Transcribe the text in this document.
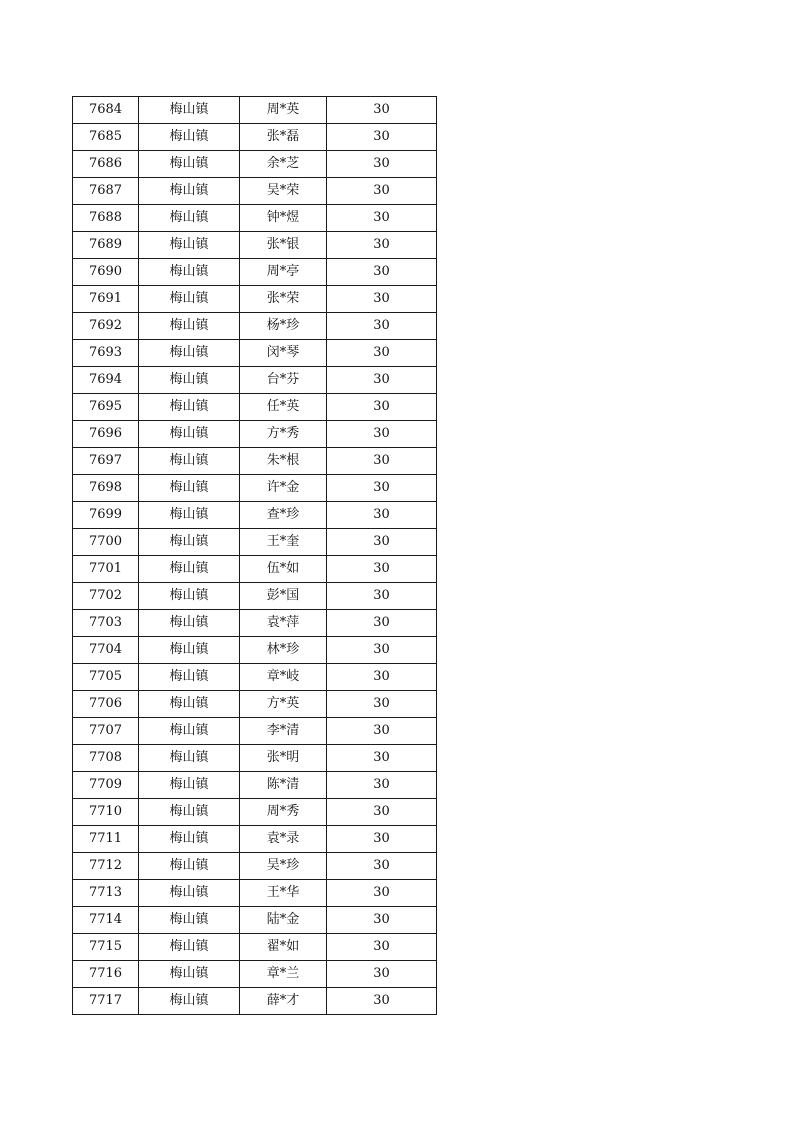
7684	梅山镇	周*英	30
7685	梅山镇	张*磊	30
7686	梅山镇	余*芝	30
7687	梅山镇	吴*荣	30
7688	梅山镇	钟*煜	30
7689	梅山镇	张*银	30
7690	梅山镇	周*亭	30
7691	梅山镇	张*荣	30
7692	梅山镇	杨*珍	30
7693	梅山镇	闵*琴	30
7694	梅山镇	台*芬	30
7695	梅山镇	任*英	30
7696	梅山镇	方*秀	30
7697	梅山镇	朱*根	30
7698	梅山镇	许*金	30
7699	梅山镇	查*珍	30
7700	梅山镇	王*奎	30
7701	梅山镇	伍*如	30
7702	梅山镇	彭*国	30
7703	梅山镇	袁*萍	30
7704	梅山镇	林*珍	30
7705	梅山镇	章*岐	30
7706	梅山镇	方*英	30
7707	梅山镇	李*清	30
7708	梅山镇	张*明	30
7709	梅山镇	陈*清	30
7710	梅山镇	周*秀	30
7711	梅山镇	袁*录	30
7712	梅山镇	吴*珍	30
7713	梅山镇	王*华	30
7714	梅山镇	陆*金	30
7715	梅山镇	翟*如	30
7716	梅山镇	章*兰	30
7717	梅山镇	薛*才	30
